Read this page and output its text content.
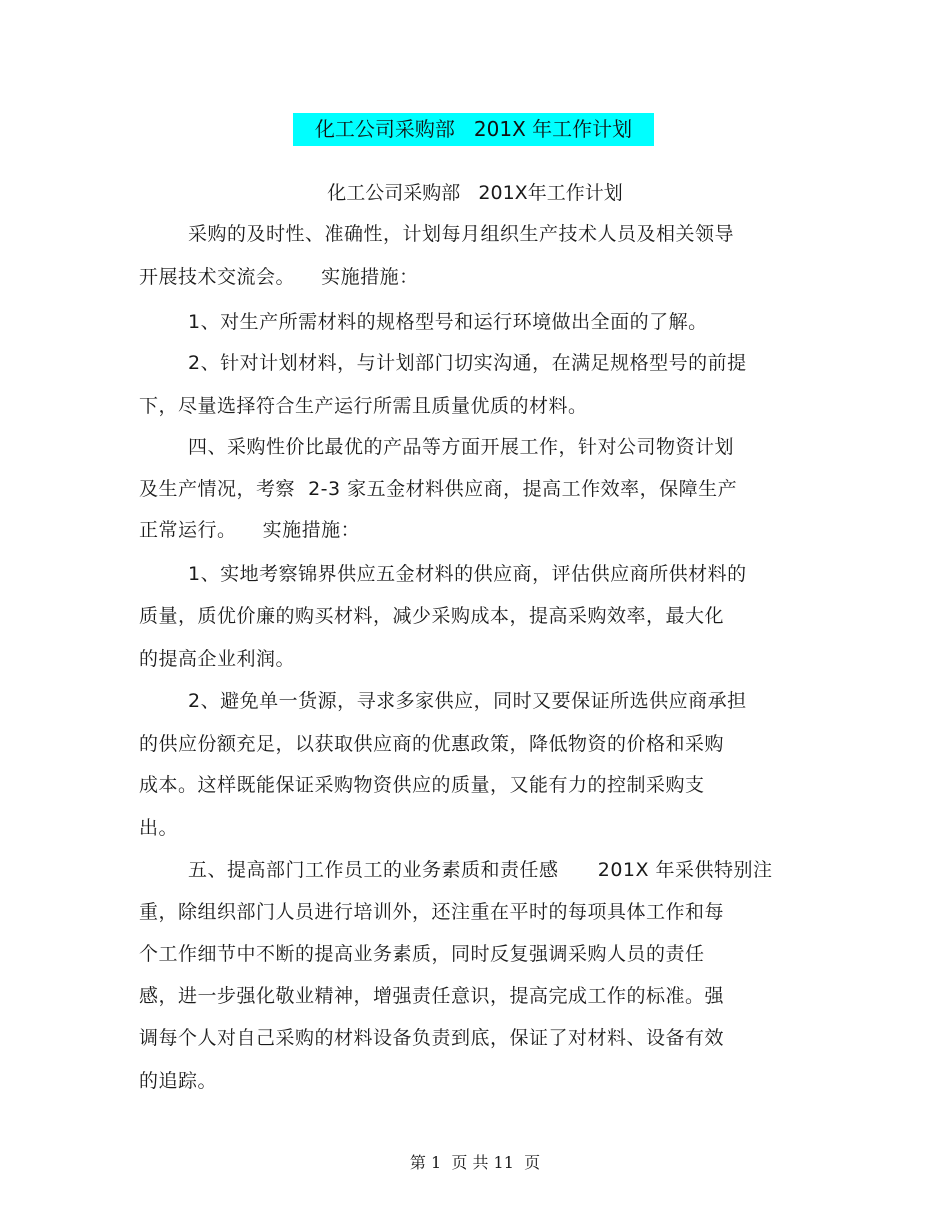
化工公司采购部   201X 年工作计划
化工公司采购部   201X年工作计划
采购的及时性、准确性，计划每月组织生产技术人员及相关领导
开展技术交流会。    实施措施：
1、对生产所需材料的规格型号和运行环境做出全面的了解。
2、针对计划材料，与计划部门切实沟通，在满足规格型号的前提
下，尽量选择符合生产运行所需且质量优质的材料。
四、采购性价比最优的产品等方面开展工作，针对公司物资计划
及生产情况，考察  2-3 家五金材料供应商，提高工作效率，保障生产
正常运行。    实施措施：
1、实地考察锦界供应五金材料的供应商，评估供应商所供材料的
质量，质优价廉的购买材料，减少采购成本，提高采购效率，最大化
的提高企业利润。
2、避免单一货源，寻求多家供应，同时又要保证所选供应商承担
的供应份额充足，以获取供应商的优惠政策，降低物资的价格和采购
成本。这样既能保证采购物资供应的质量，又能有力的控制采购支
出。
五、提高部门工作员工的业务素质和责任感      201X 年采供特别注
重，除组织部门人员进行培训外，还注重在平时的每项具体工作和每
个工作细节中不断的提高业务素质，同时反复强调采购人员的责任
感，进一步强化敬业精神，增强责任意识，提高完成工作的标准。强
调每个人对自己采购的材料设备负责到底，保证了对材料、设备有效
的追踪。
第 1  页 共 11  页
